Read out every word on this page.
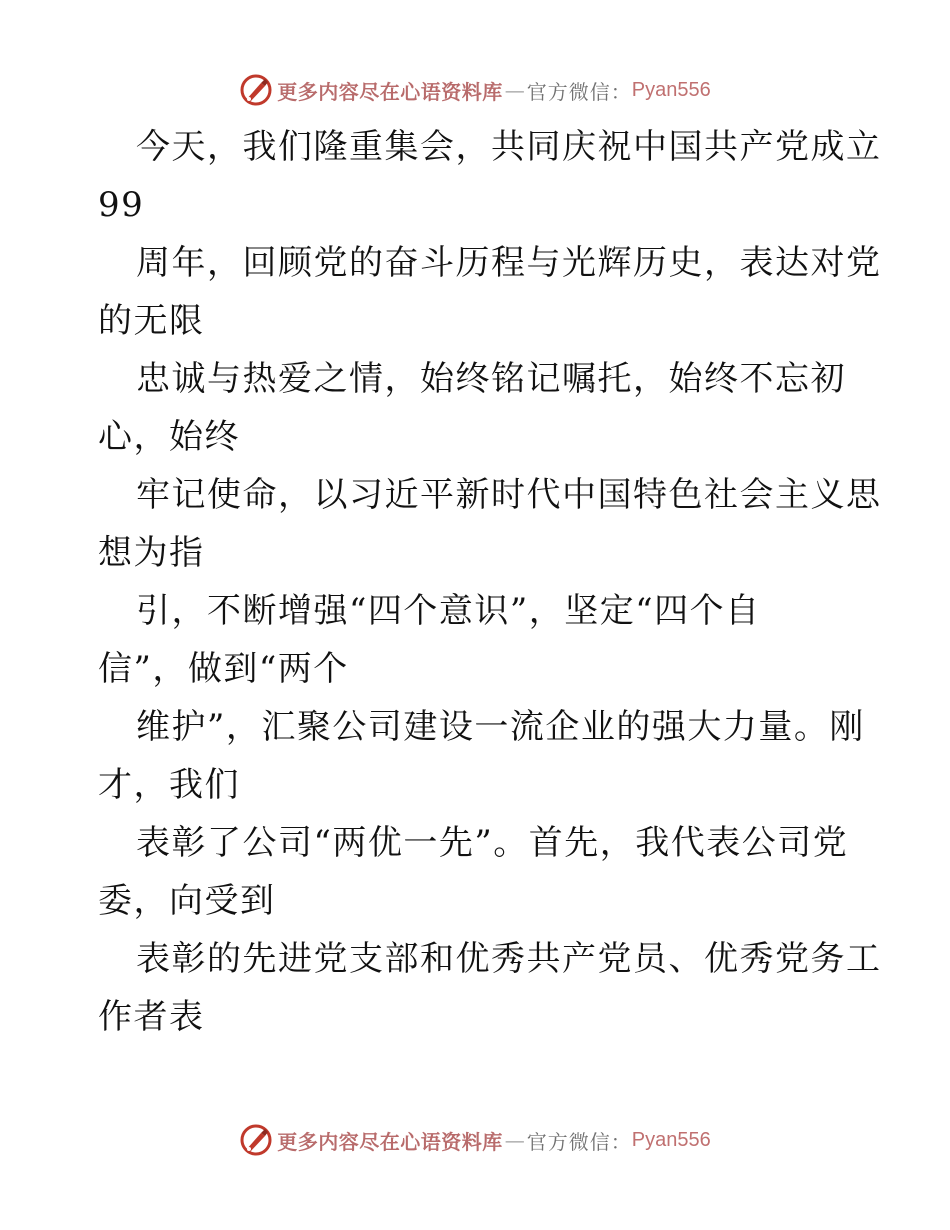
更多内容尽在心语资料库 — 官方微信： Pyan556
今天，我们隆重集会，共同庆祝中国共产党成立
99
周年，回顾党的奋斗历程与光辉历史，表达对党
的无限
忠诚与热爱之情，始终铭记嘱托，始终不忘初
心，始终
牢记使命，以习近平新时代中国特色社会主义思
想为指
引，不断增强“四个意识”，坚定“四个自
信”，做到“两个
维护”，汇聚公司建设一流企业的强大力量。刚
才，我们
表彰了公司“两优一先”。首先，我代表公司党
委，向受到
表彰的先进党支部和优秀共产党员、优秀党务工
作者表
更多内容尽在心语资料库 — 官方微信： Pyan556
